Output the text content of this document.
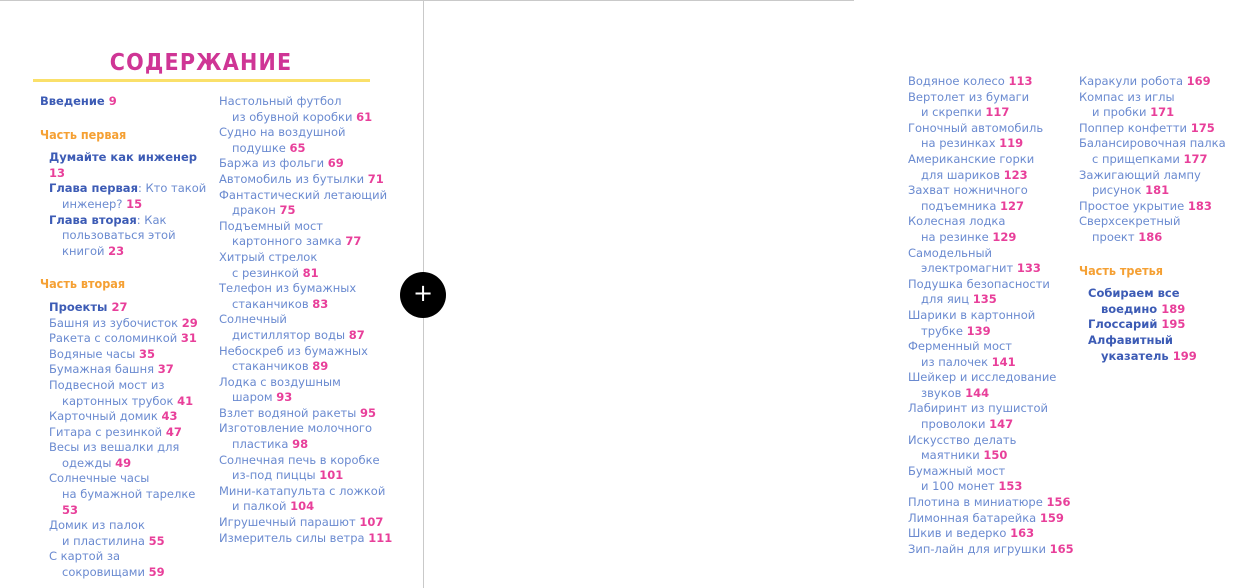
СОДЕРЖАНИЕ
Введение 9
Часть первая
Думайте как инженер 13
Глава первая: Кто такой
инженер? 15
Глава вторая: Как
пользоваться этой
книгой 23
Часть вторая
Проекты 27
Башня из зубочисток 29
Ракета с соломинкой 31
Водяные часы 35
Бумажная башня 37
Подвесной мост из
картонных трубок 41
Карточный домик 43
Гитара с резинкой 47
Весы из вешалки для
одежды 49
Солнечные часы
на бумажной тарелке 53
Домик из палок
и пластилина 55
С картой за
сокровищами 59
Настольный футбол
из обувной коробки 61
Судно на воздушной
подушке 65
Баржа из фольги 69
Автомобиль из бутылки 71
Фантастический летающий
дракон 75
Подъемный мост
картонного замка 77
Хитрый стрелок
с резинкой 81
Телефон из бумажных
стаканчиков 83
Солнечный
дистиллятор воды 87
Небоскреб из бумажных
стаканчиков 89
Лодка с воздушным
шаром 93
Взлет водяной ракеты 95
Изготовление молочного
пластика 98
Солнечная печь в коробке
из-под пиццы 101
Мини-катапульта с ложкой
и палкой 104
Игрушечный парашют 107
Измеритель силы ветра 111
Водяное колесо 113
Вертолет из бумаги
и скрепки 117
Гоночный автомобиль
на резинках 119
Американские горки
для шариков 123
Захват ножничного
подъемника 127
Колесная лодка
на резинке 129
Самодельный
электромагнит 133
Подушка безопасности
для яиц 135
Шарики в картонной
трубке 139
Ферменный мост
из палочек 141
Шейкер и исследование
звуков 144
Лабиринт из пушистой
проволоки 147
Искусство делать
маятники 150
Бумажный мост
и 100 монет 153
Плотина в миниатюре 156
Лимонная батарейка 159
Шкив и ведерко 163
Зип-лайн для игрушки 165
Каракули робота 169
Компас из иглы
и пробки 171
Поппер конфетти 175
Балансировочная палка
с прищепками 177
Зажигающий лампу
рисунок 181
Простое укрытие 183
Сверхсекретный
проект 186
Часть третья
Собираем все
воедино 189
Глоссарий 195
Алфавитный
указатель 199
+
